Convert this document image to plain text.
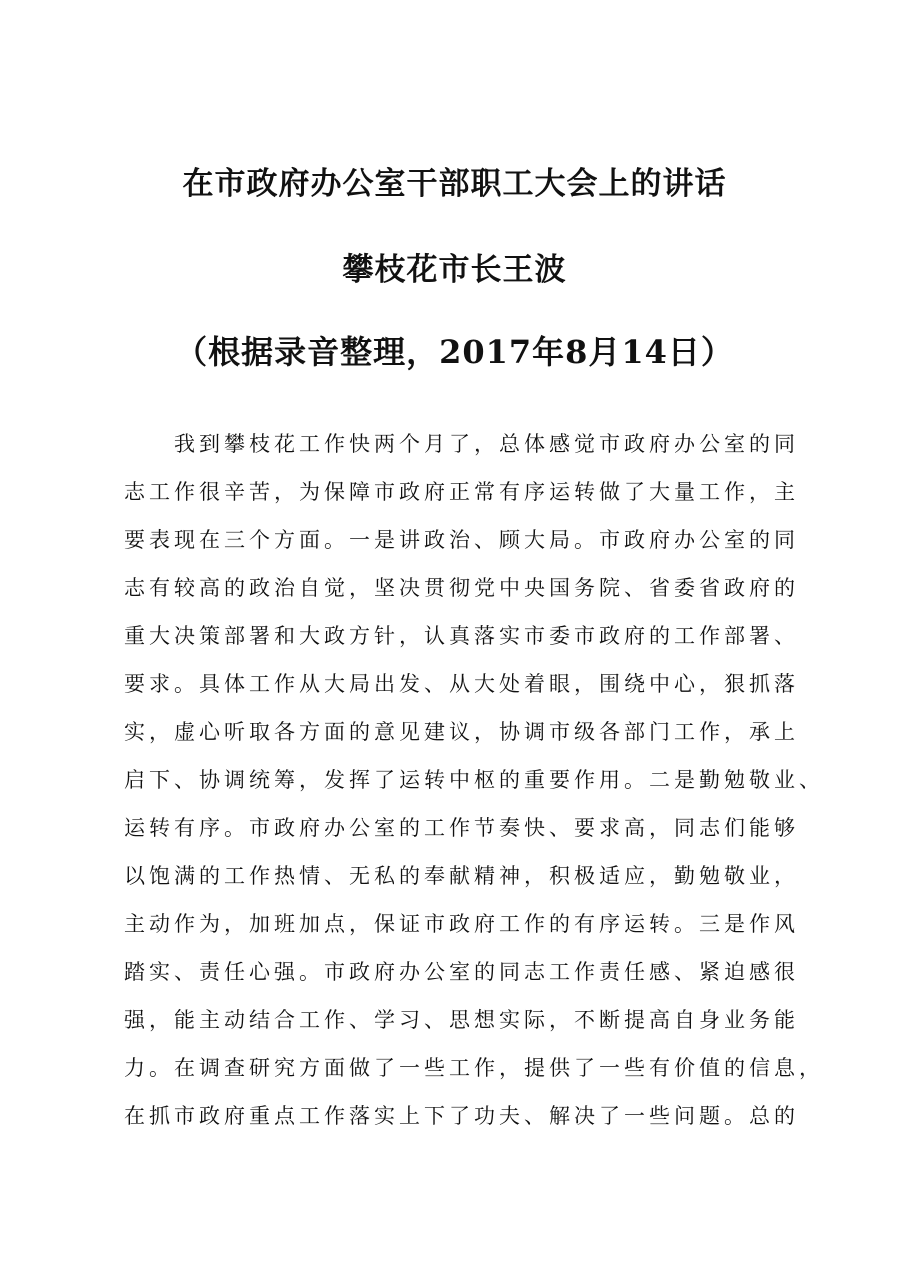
在市政府办公室干部职工大会上的讲话
攀枝花市长王波
（根据录音整理，2017年8月14日）
我到攀枝花工作快两个月了，总体感觉市政府办公室的同
志工作很辛苦，为保障市政府正常有序运转做了大量工作，主
要表现在三个方面。一是讲政治、顾大局。市政府办公室的同
志有较高的政治自觉，坚决贯彻党中央国务院、省委省政府的
重大决策部署和大政方针，认真落实市委市政府的工作部署、
要求。具体工作从大局出发、从大处着眼，围绕中心，狠抓落
实，虚心听取各方面的意见建议，协调市级各部门工作，承上
启下、协调统筹，发挥了运转中枢的重要作用。二是勤勉敬业、
运转有序。市政府办公室的工作节奏快、要求高，同志们能够
以饱满的工作热情、无私的奉献精神，积极适应，勤勉敬业，
主动作为，加班加点，保证市政府工作的有序运转。三是作风
踏实、责任心强。市政府办公室的同志工作责任感、紧迫感很
强，能主动结合工作、学习、思想实际，不断提高自身业务能
力。在调查研究方面做了一些工作，提供了一些有价值的信息，
在抓市政府重点工作落实上下了功夫、解决了一些问题。总的
